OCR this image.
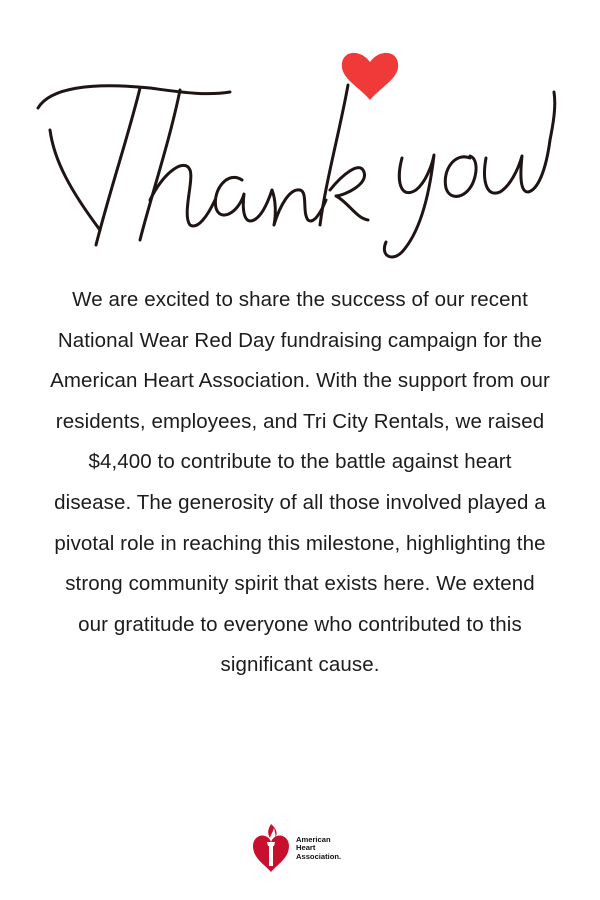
We are excited to share the success of our recent National Wear Red Day fundraising campaign for the American Heart Association. With the support from our residents, employees, and Tri City Rentals, we raised $4,400 to contribute to the battle against heart disease. The generosity of all those involved played a pivotal role in reaching this milestone, highlighting the strong community spirit that exists here. We extend our gratitude to everyone who contributed to this significant cause.

American
Heart
Association.
